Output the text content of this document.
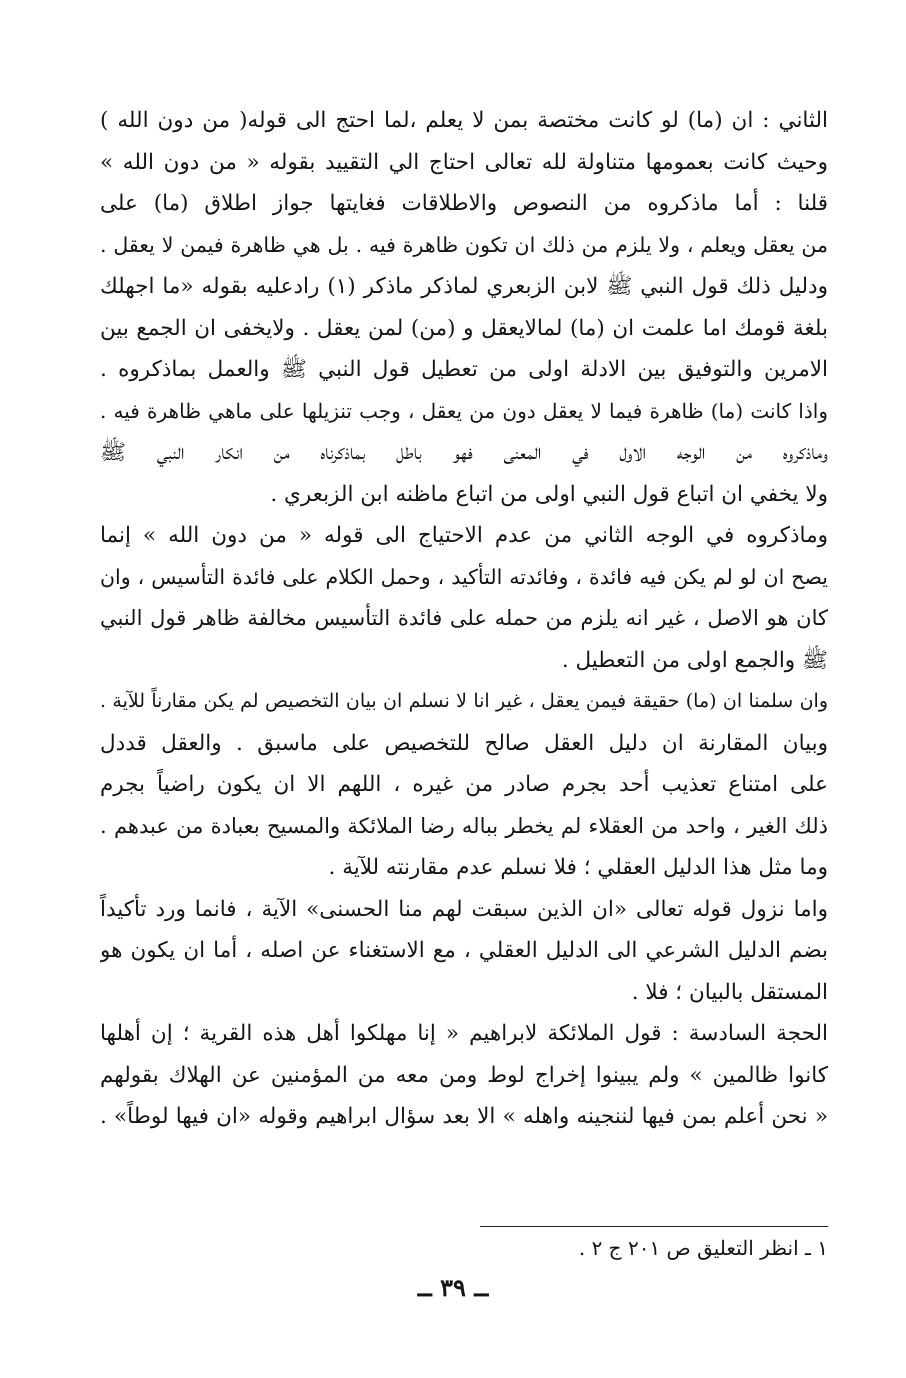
الثاني : ان (ما) لو كانت مختصة بمن لا يعلم ،لما احتج الى قوله( من دون الله )
وحيث كانت بعمومها متناولة لله تعالى احتاج الي التقييد بقوله « من دون الله »
قلنا : أما ماذكروه من النصوص والاطلاقات فغايتها جواز اطلاق (ما) على
من يعقل ويعلم ، ولا يلزم من ذلك ان تكون ظاهرة فيه . بل هي ظاهرة فيمن لا يعقل .
ودليل ذلك قول النبي ﷺ لابن الزبعري لماذكر ماذكر (١) رادعليه بقوله «ما اجهلك
بلغة قومك اما علمت ان (ما) لمالايعقل و (من) لمن يعقل . ولايخفى ان الجمع بين
الامرين والتوفيق بين الادلة اولى من تعطيل قول النبي ﷺ والعمل بماذكروه .
واذا كانت (ما) ظاهرة فيما لا يعقل دون من يعقل ، وجب تنزيلها على ماهي ظاهرة فيه .
وماذكروه من الوجه الاول في المعنى فهو باطل بماذكرناه من انكار النبي ﷺ
ولا يخفي ان اتباع قول النبي اولى من اتباع ماظنه ابن الزبعري .
وماذكروه في الوجه الثاني من عدم الاحتياج الى قوله « من دون الله » إنما
يصح ان لو لم يكن فيه فائدة ، وفائدته التأكيد ، وحمل الكلام على فائدة التأسيس ، وان
كان هو الاصل ، غير انه يلزم من حمله على فائدة التأسيس مخالفة ظاهر قول النبي
ﷺ والجمع اولى من التعطيل .
وان سلمنا ان (ما) حقيقة فيمن يعقل ، غير انا لا نسلم ان بيان التخصيص لم يكن مقارناً للآية .
وبيان المقارنة ان دليل العقل صالح للتخصيص على ماسبق . والعقل قددل
على امتناع تعذيب أحد بجرم صادر من غيره ، اللهم الا ان يكون راضياً بجرم
ذلك الغير ، واحد من العقلاء لم يخطر بباله رضا الملائكة والمسيح بعبادة من عبدهم .
وما مثل هذا الدليل العقلي ؛ فلا نسلم عدم مقارنته للآية .
واما نزول قوله تعالى «ان الذين سبقت لهم منا الحسنى» الآية ، فانما ورد تأكيداً
بضم الدليل الشرعي الى الدليل العقلي ، مع الاستغناء عن اصله ، أما ان يكون هو
المستقل بالبيان ؛ فلا .
الحجة السادسة : قول الملائكة لابراهيم « إنا مهلكوا أهل هذه القرية ؛ إن أهلها
كانوا ظالمين » ولم يبينوا إخراج لوط ومن معه من المؤمنين عن الهلاك بقولهم
« نحن أعلم بمن فيها لننجينه واهله » الا بعد سؤال ابراهيم وقوله «ان فيها لوطاً» .
١ ـ انظر التعليق ص ٢٠١ ج ٢ .
ــ ٣٩ ــ
